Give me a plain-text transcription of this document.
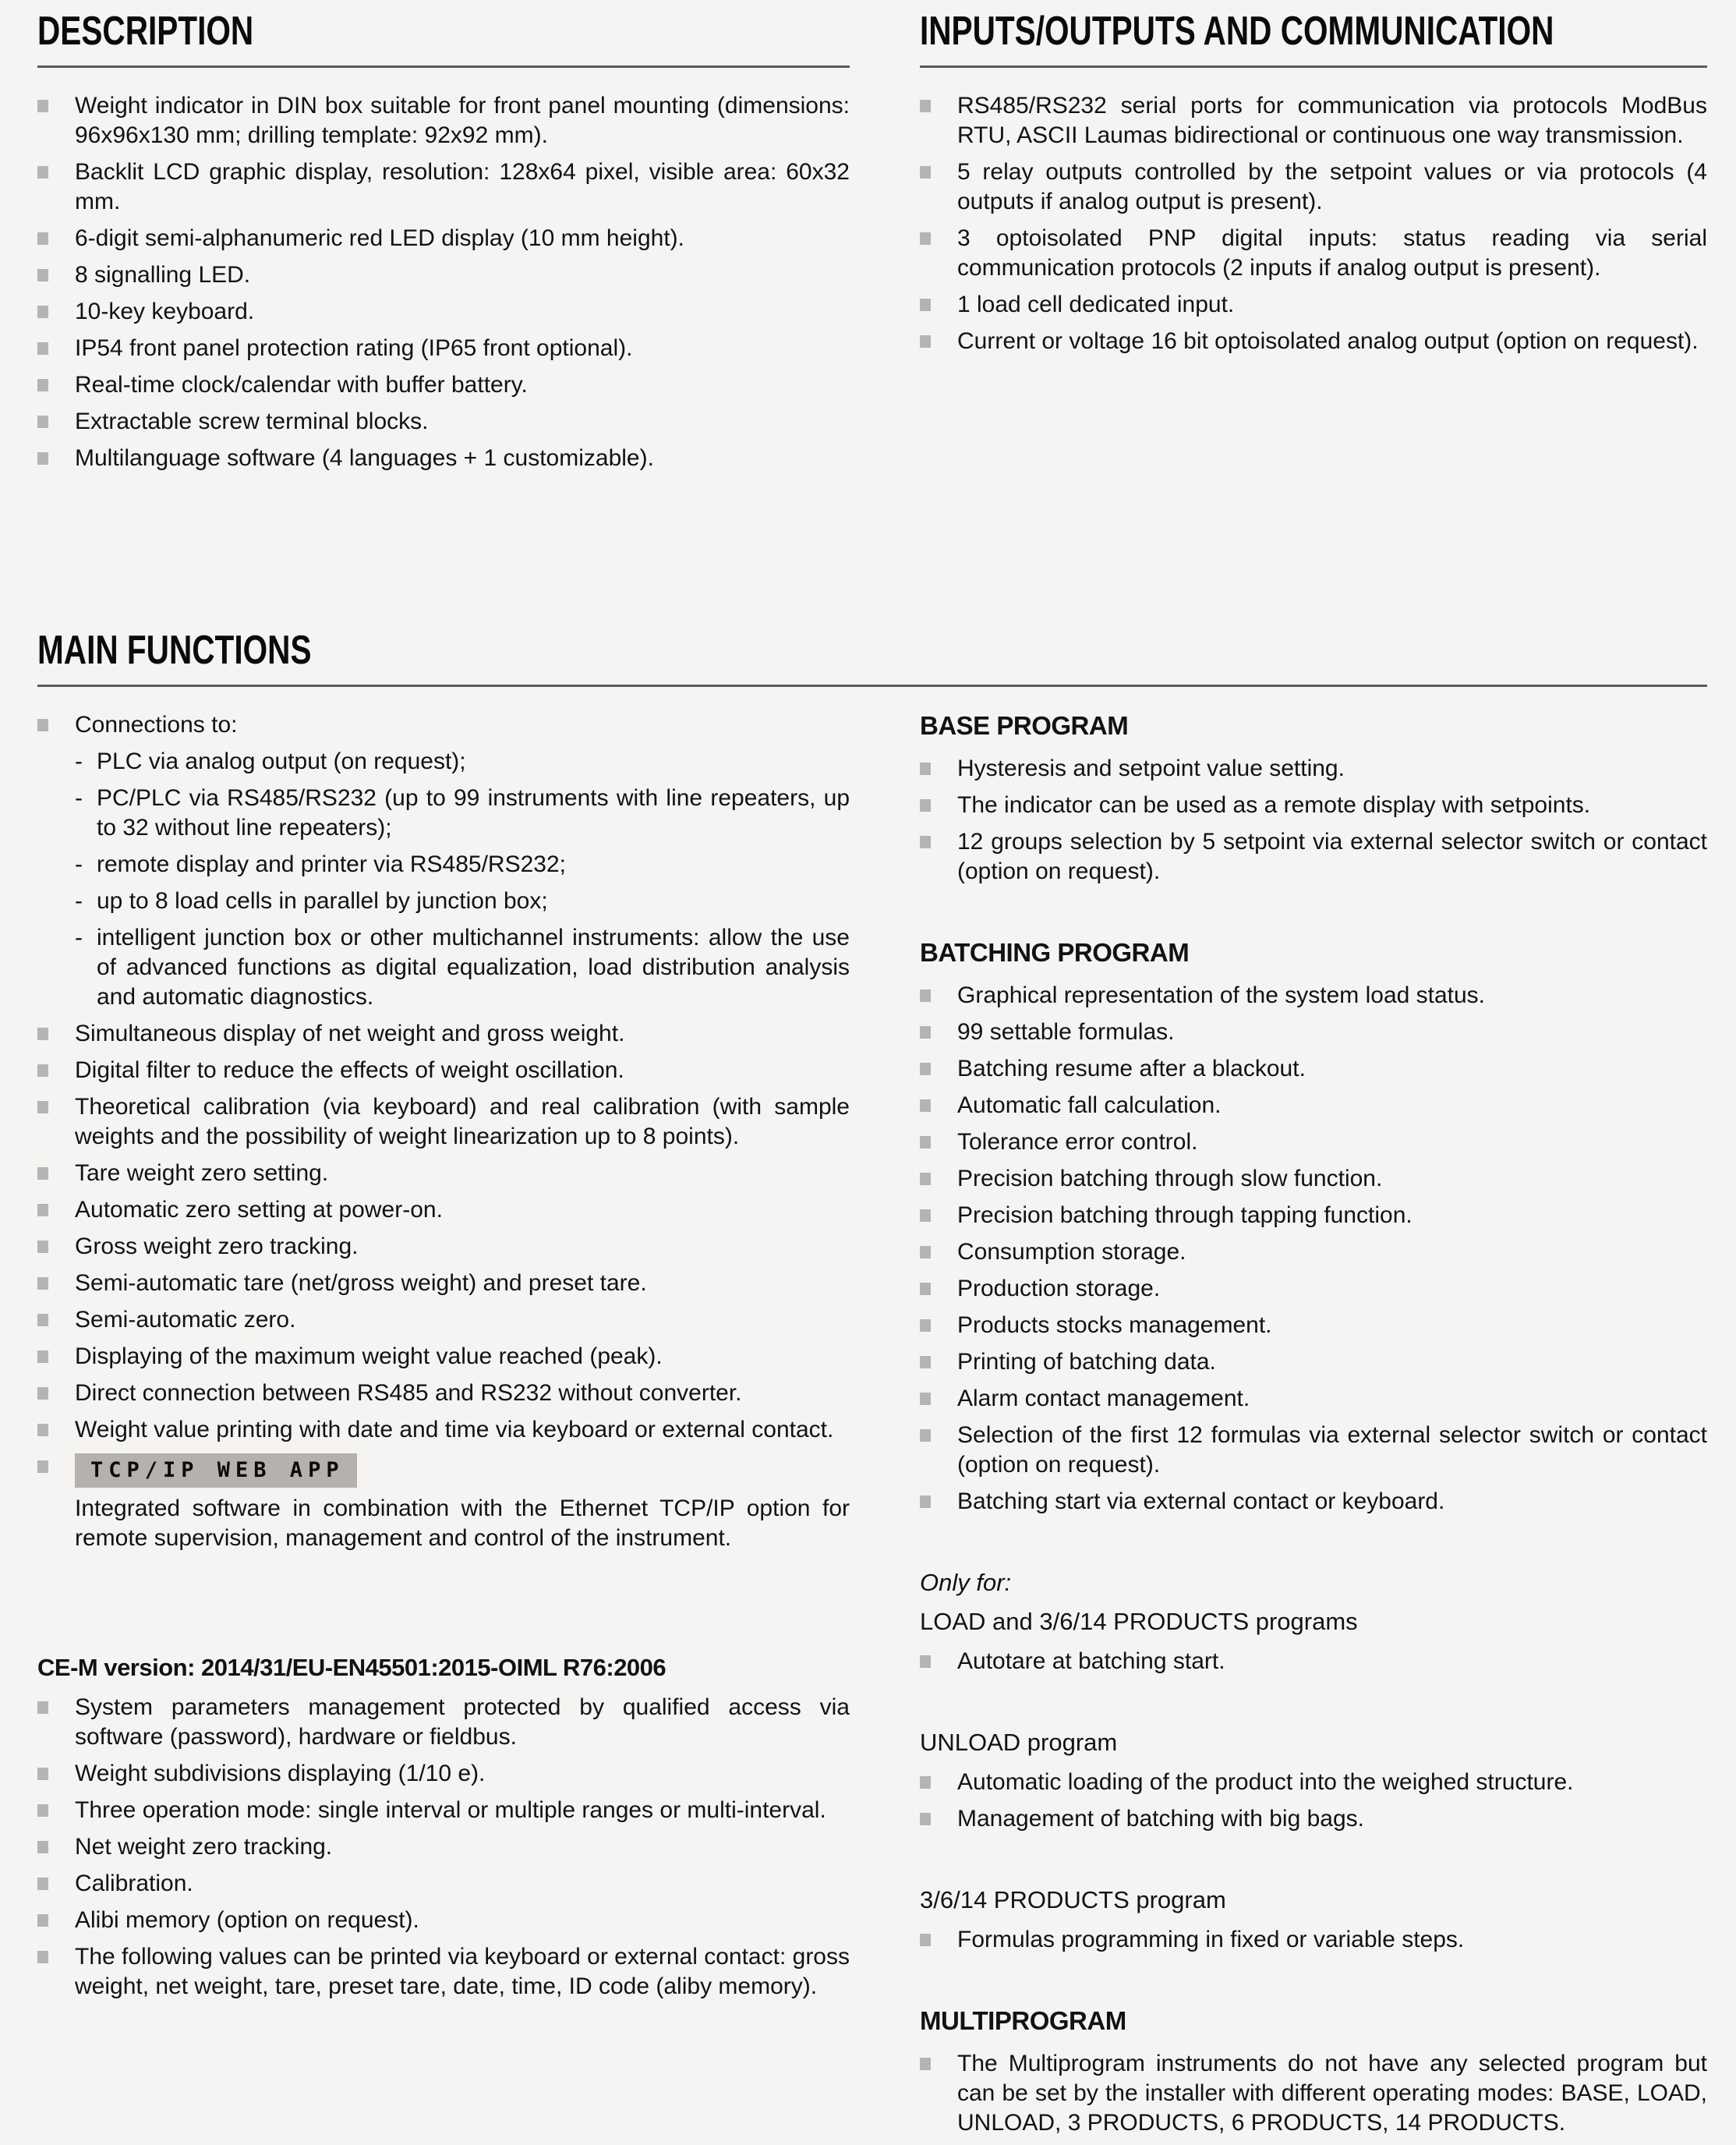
DESCRIPTION
Weight indicator in DIN box suitable for front panel mounting (dimensions: 96x96x130 mm; drilling template: 92x92 mm).
Backlit LCD graphic display, resolution: 128x64 pixel, visible area: 60x32 mm.
6-digit semi-alphanumeric red LED display (10 mm height).
8 signalling LED.
10-key keyboard.
IP54 front panel protection rating (IP65 front optional).
Real-time clock/calendar with buffer battery.
Extractable screw terminal blocks.
Multilanguage software (4 languages + 1 customizable).
INPUTS/OUTPUTS AND COMMUNICATION
RS485/RS232 serial ports for communication via protocols ModBus RTU, ASCII Laumas bidirectional or continuous one way transmission.
5 relay outputs controlled by the setpoint values or via protocols (4 outputs if analog output is present).
3 optoisolated PNP digital inputs: status reading via serial communication protocols (2 inputs if analog output is present).
1 load cell dedicated input.
Current or voltage 16 bit optoisolated analog output (option on request).
MAIN FUNCTIONS
Connections to:
- PLC via analog output (on request);
- PC/PLC via RS485/RS232 (up to 99 instruments with line repeaters, up to 32 without line repeaters);
- remote display and printer via RS485/RS232;
- up to 8 load cells in parallel by junction box;
- intelligent junction box or other multichannel instruments: allow the use of advanced functions as digital equalization, load distribution analysis and automatic diagnostics.
Simultaneous display of net weight and gross weight.
Digital filter to reduce the effects of weight oscillation.
Theoretical calibration (via keyboard) and real calibration (with sample weights and the possibility of weight linearization up to 8 points).
Tare weight zero setting.
Automatic zero setting at power-on.
Gross weight zero tracking.
Semi-automatic tare (net/gross weight) and preset tare.
Semi-automatic zero.
Displaying of the maximum weight value reached (peak).
Direct connection between RS485 and RS232 without converter.
Weight value printing with date and time via keyboard or external contact.
TCP/IP WEB APP
Integrated software in combination with the Ethernet TCP/IP option for remote supervision, management and control of the instrument.
CE-M version: 2014/31/EU-EN45501:2015-OIML R76:2006
System parameters management protected by qualified access via software (password), hardware or fieldbus.
Weight subdivisions displaying (1/10 e).
Three operation mode: single interval or multiple ranges or multi-interval.
Net weight zero tracking.
Calibration.
Alibi memory (option on request).
The following values can be printed via keyboard or external contact: gross weight, net weight, tare, preset tare, date, time, ID code (aliby memory).
BASE PROGRAM
Hysteresis and setpoint value setting.
The indicator can be used as a remote display with setpoints.
12 groups selection by 5 setpoint via external selector switch or contact (option on request).
BATCHING PROGRAM
Graphical representation of the system load status.
99 settable formulas.
Batching resume after a blackout.
Automatic fall calculation.
Tolerance error control.
Precision batching through slow function.
Precision batching through tapping function.
Consumption storage.
Production storage.
Products stocks management.
Printing of batching data.
Alarm contact management.
Selection of the first 12 formulas via external selector switch or contact (option on request).
Batching start via external contact or keyboard.
Only for:
LOAD and 3/6/14 PRODUCTS programs
Autotare at batching start.
UNLOAD program
Automatic loading of the product into the weighed structure.
Management of batching with big bags.
3/6/14 PRODUCTS program
Formulas programming in fixed or variable steps.
MULTIPROGRAM
The Multiprogram instruments do not have any selected program but can be set by the installer with different operating modes: BASE, LOAD, UNLOAD, 3 PRODUCTS, 6 PRODUCTS, 14 PRODUCTS.
